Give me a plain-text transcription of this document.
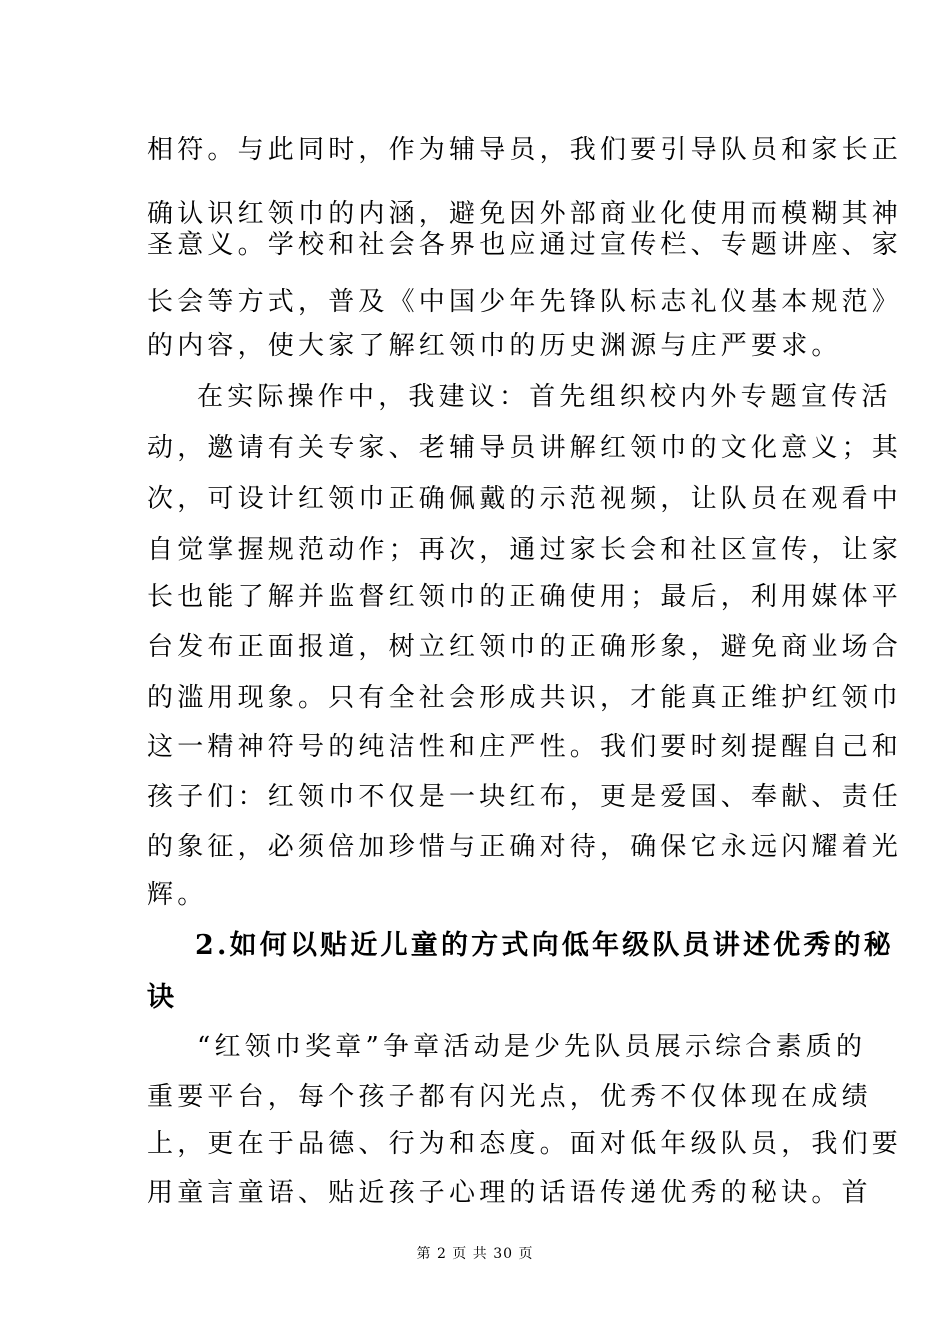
相符。与此同时，作为辅导员，我们要引导队员和家长正
确认识红领巾的内涵，避免因外部商业化使用而模糊其神
圣意义。学校和社会各界也应通过宣传栏、专题讲座、家
长会等方式，普及《中国少年先锋队标志礼仪基本规范》
的内容，使大家了解红领巾的历史渊源与庄严要求。
在实际操作中，我建议：首先组织校内外专题宣传活
动，邀请有关专家、老辅导员讲解红领巾的文化意义；其
次，可设计红领巾正确佩戴的示范视频，让队员在观看中
自觉掌握规范动作；再次，通过家长会和社区宣传，让家
长也能了解并监督红领巾的正确使用；最后，利用媒体平
台发布正面报道，树立红领巾的正确形象，避免商业场合
的滥用现象。只有全社会形成共识，才能真正维护红领巾
这一精神符号的纯洁性和庄严性。我们要时刻提醒自己和
孩子们：红领巾不仅是一块红布，更是爱国、奉献、责任
的象征，必须倍加珍惜与正确对待，确保它永远闪耀着光
辉。
2.如何以贴近儿童的方式向低年级队员讲述优秀的秘
诀
“红领巾奖章”争章活动是少先队员展示综合素质的
重要平台，每个孩子都有闪光点，优秀不仅体现在成绩
上，更在于品德、行为和态度。面对低年级队员，我们要
用童言童语、贴近孩子心理的话语传递优秀的秘诀。首
第 2 页 共 30 页
